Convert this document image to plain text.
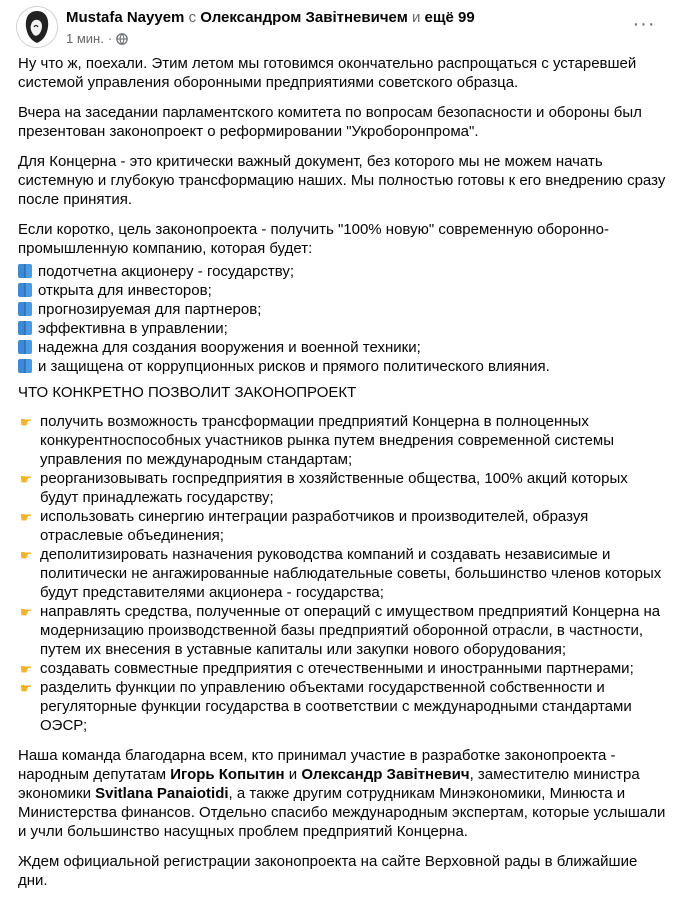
Mustafa Nayyem с Олександром Завітневичем и ещё 99
1 мин. ·
···

Ну что ж, поехали. Этим летом мы готовимся окончательно распрощаться с устаревшей системой управления оборонными предприятиями советского образца.

Вчера на заседании парламентского комитета по вопросам безопасности и обороны был презентован законопроект о реформировании "Укроборонпрома".

Для Концерна - это критически важный документ, без которого мы не можем начать системную и глубокую трансформацию наших. Мы полностью готовы к его внедрению сразу после принятия.

Если коротко, цель законопроекта - получить "100% новую" современную оборонно-промышленную компанию, которая будет:

подотчетна акционеру - государству;
открыта для инвесторов;
прогнозируемая для партнеров;
эффективна в управлении;
надежна для создания вооружения и военной техники;
и защищена от коррупционных рисков и прямого политического влияния.

ЧТО КОНКРЕТНО ПОЗВОЛИТ ЗАКОНОПРОЕКТ

☛ получить возможность трансформации предприятий Концерна в полноценных конкурентноспособных участников рынка путем внедрения современной системы управления по международным стандартам;
☛ реорганизовывать госпредприятия в хозяйственные общества, 100% акций которых будут принадлежать государству;
☛ использовать синергию интеграции разработчиков и производителей, образуя отраслевые объединения;
☛ деполитизировать назначения руководства компаний и создавать независимые и политически не ангажированные наблюдательные советы, большинство членов которых будут представителями акционера - государства;
☛ направлять средства, полученные от операций с имуществом предприятий Концерна на модернизацию производственной базы предприятий оборонной отрасли, в частности, путем их внесения в уставные капиталы или закупки нового оборудования;
☛ создавать совместные предприятия с отечественными и иностранными партнерами;
☛ разделить функции по управлению объектами государственной собственности и регуляторные функции государства в соответствии с международными стандартами ОЭСР;

Наша команда благодарна всем, кто принимал участие в разработке законопроекта - народным депутатам Игорь Копытин и Олександр Завітневич, заместителю министра экономики Svitlana Panaiotidi, а также другим сотрудникам Минэкономики, Минюста и Министерства финансов. Отдельно спасибо международным экспертам, которые услышали и учли большинство насущных проблем предприятий Концерна.

Ждем официальной регистрации законопроекта на сайте Верховной рады в ближайшие дни.
